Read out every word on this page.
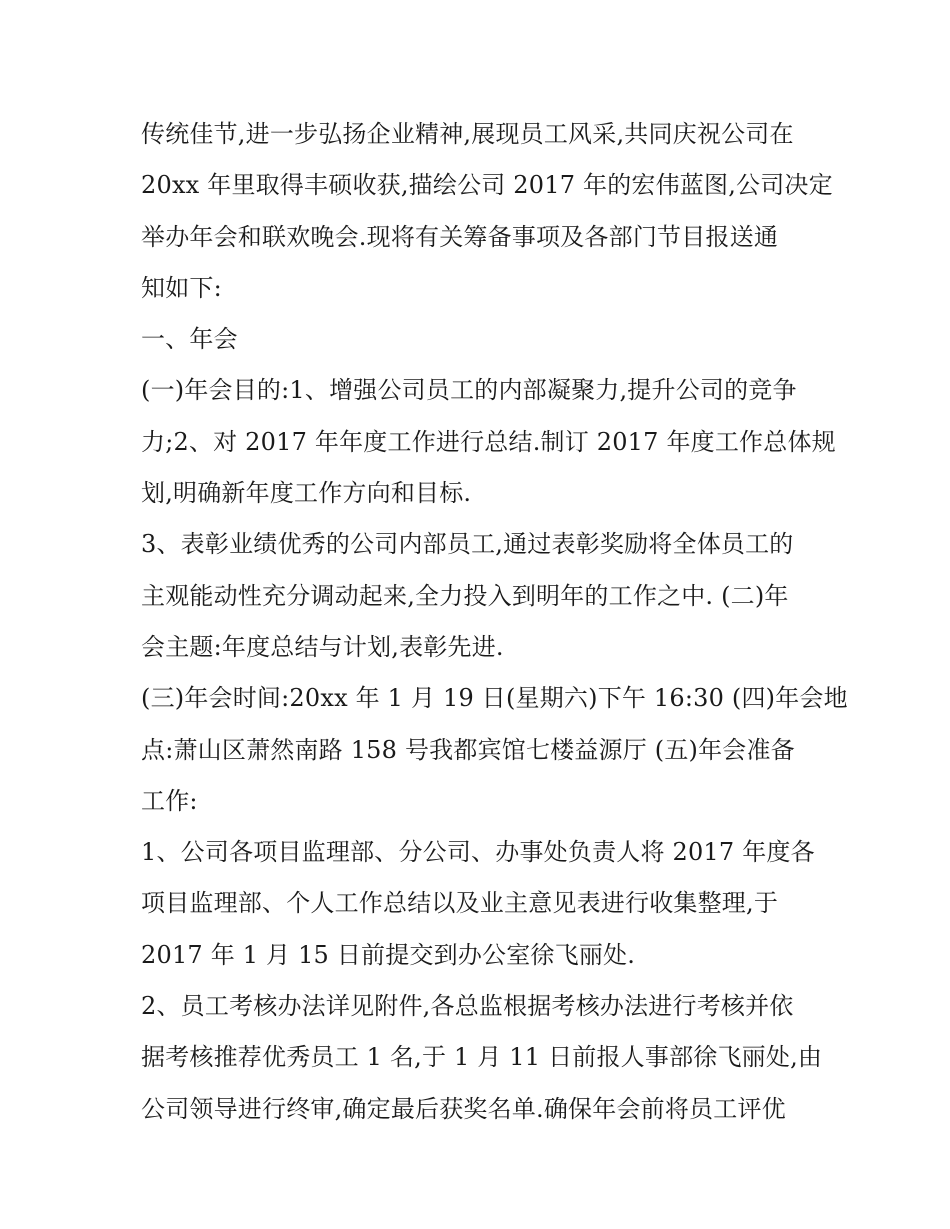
传统佳节,进一步弘扬企业精神,展现员工风采,共同庆祝公司在
20xx 年里取得丰硕收获,描绘公司 2017 年的宏伟蓝图,公司决定
举办年会和联欢晚会.现将有关筹备事项及各部门节目报送通
知如下:
一、年会
(一)年会目的:1、增强公司员工的内部凝聚力,提升公司的竞争
力;2、对 2017 年年度工作进行总结.制订 2017 年度工作总体规
划,明确新年度工作方向和目标.
3、表彰业绩优秀的公司内部员工,通过表彰奖励将全体员工的
主观能动性充分调动起来,全力投入到明年的工作之中. (二)年
会主题:年度总结与计划,表彰先进.
(三)年会时间:20xx 年 1 月 19 日(星期六)下午 16:30 (四)年会地
点:萧山区萧然南路 158 号我都宾馆七楼益源厅 (五)年会准备
工作:
1、公司各项目监理部、分公司、办事处负责人将 2017 年度各
项目监理部、个人工作总结以及业主意见表进行收集整理,于
2017 年 1 月 15 日前提交到办公室徐飞丽处.
2、员工考核办法详见附件,各总监根据考核办法进行考核并依
据考核推荐优秀员工 1 名,于 1 月 11 日前报人事部徐飞丽处,由
公司领导进行终审,确定最后获奖名单.确保年会前将员工评优
